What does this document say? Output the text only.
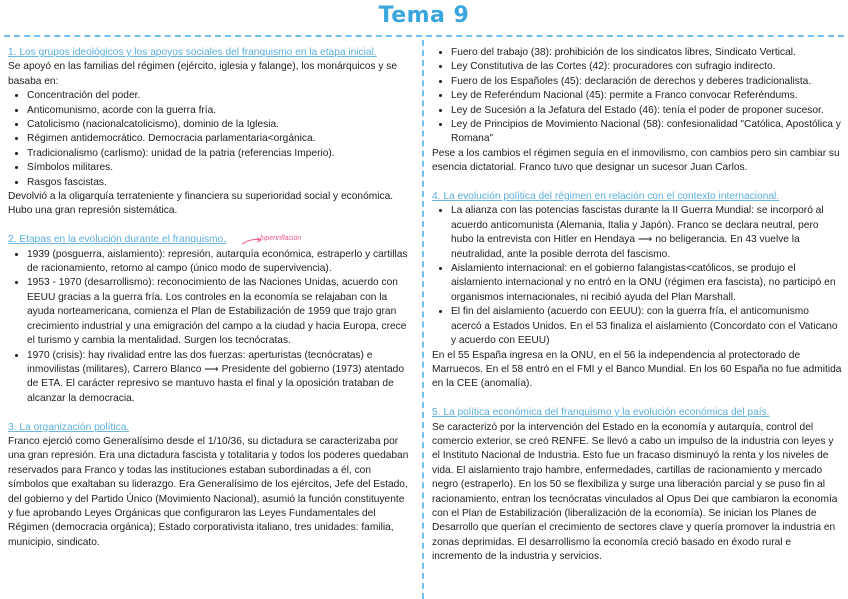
Tema 9

1. Los grupos ideológicos y los apoyos sociales del franquismo en la etapa inicial.

Se apoyó en las familias del régimen (ejército, iglesia y falange), los monárquicos y se basaba en:

• Concentración del poder.
• Anticomunismo, acorde con la guerra fría.
• Catolicismo (nacionalcatolicismo), dominio de la Iglesia.
• Régimen antidemocrático. Democracia parlamentaria<orgánica.
• Tradicionalismo (carlismo): unidad de la patria (referencias Imperio).
• Símbolos militares.
• Rasgos fascistas.

Devolvió a la oligarquía terrateniente y financiera su superioridad social y económica. Hubo una gran represión sistemática.

2. Etapas en la evolución durante el franquismo.

• 1939 (posguerra, aislamiento): represión, autarquía económica, estraperlo y cartillas de racionamiento, retorno al campo (único modo de supervivencia).
• 1953 - 1970 (desarrollismo): reconocimiento de las Naciones Unidas, acuerdo con EEUU gracias a la guerra fría. Los controles en la economía se relajaban con la ayuda norteamericana, comienza el Plan de Estabilización de 1959 que trajo gran crecimiento industrial y una emigración del campo a la ciudad y hacia Europa, crece el turismo y cambia la mentalidad. Surgen los tecnócratas.
• 1970 (crisis): hay rivalidad entre las dos fuerzas: aperturistas (tecnócratas) e inmovilistas (militares), Carrero Blanco ⟶ Presidente del gobierno (1973) atentado de ETA. El carácter represivo se mantuvo hasta el final y la oposición trataban de alcanzar la democracia.

3. La organización política.

Franco ejerció como Generalísimo desde el 1/10/36, su dictadura se caracterizaba por una gran represión. Era una dictadura fascista y totalitaria y todos los poderes quedaban reservados para Franco y todas las instituciones estaban subordinadas a él, con símbolos que exaltaban su liderazgo. Era Generalísimo de los ejércitos, Jefe del Estado, del gobierno y del Partido Único (Movimiento Nacional), asumió la función constituyente y fue aprobando Leyes Orgánicas que configuraron las Leyes Fundamentales del Régimen (democracia orgánica); Estado corporativista italiano, tres unidades: familia, municipio, sindicato.

hiperinflación
• Fuero del trabajo (38): prohibición de los sindicatos libres, Sindicato Vertical.
• Ley Constitutiva de las Cortes (42): procuradores con sufragio indirecto.
• Fuero de los Españoles (45): declaración de derechos y deberes tradicionalista.
• Ley de Referéndum Nacional (45): permite a Franco convocar Referéndums.
• Ley de Sucesión a la Jefatura del Estado (46): tenía el poder de proponer sucesor.
• Ley de Principios de Movimiento Nacional (58): confesionalidad "Católica, Apostólica y Romana"

Pese a los cambios el régimen seguía en el inmovilismo, con cambios pero sin cambiar su esencia dictatorial. Franco tuvo que designar un sucesor Juan Carlos.

4. La evolución política del régimen en relación con el contexto internacional.

• La alianza con las potencias fascistas durante la II Guerra Mundial: se incorporó al acuerdo anticomunista (Alemania, Italia y Japón). Franco se declara neutral, pero hubo la entrevista con Hitler en Hendaya ⟶ no beligerancia. En 43 vuelve la neutralidad, ante la posible derrota del fascismo.
• Aislamiento internacional: en el gobierno falangistas<católicos, se produjo el aislamiento internacional y no entró en la ONU (régimen era fascista), no participó en organismos internacionales, ni recibió ayuda del Plan Marshall.
• El fin del aislamiento (acuerdo con EEUU): con la guerra fría, el anticomunismo acercó a Estados Unidos. En el 53 finaliza el aislamiento (Concordato con el Vaticano y acuerdo con EEUU)

En el 55 España ingresa en la ONU, en el 56 la independencia al protectorado de Marruecos. En el 58 entró en el FMI y el Banco Mundial. En los 60 España no fue admitida en la CEE (anomalía).

5. La política económica del franquismo y la evolución económica del país.

Se caracterizó por la intervención del Estado en la economía y autarquía, control del comercio exterior, se creó RENFE. Se llevó a cabo un impulso de la industria con leyes y el Instituto Nacional de Industria. Esto fue un fracaso disminuyó la renta y los niveles de vida. El aislamiento trajo hambre, enfermedades, cartillas de racionamiento y mercado negro (estraperlo). En los 50 se flexibiliza y surge una liberación parcial y se puso fin al racionamiento, entran los tecnócratas vinculados al Opus Dei que cambiaron la economía con el Plan de Estabilización (liberalización de la economía). Se inician los Planes de Desarrollo que querían el crecimiento de sectores clave y quería promover la industria en zonas deprimidas. El desarrollismo la economía creció basado en éxodo rural e incremento de la industria y servicios.
